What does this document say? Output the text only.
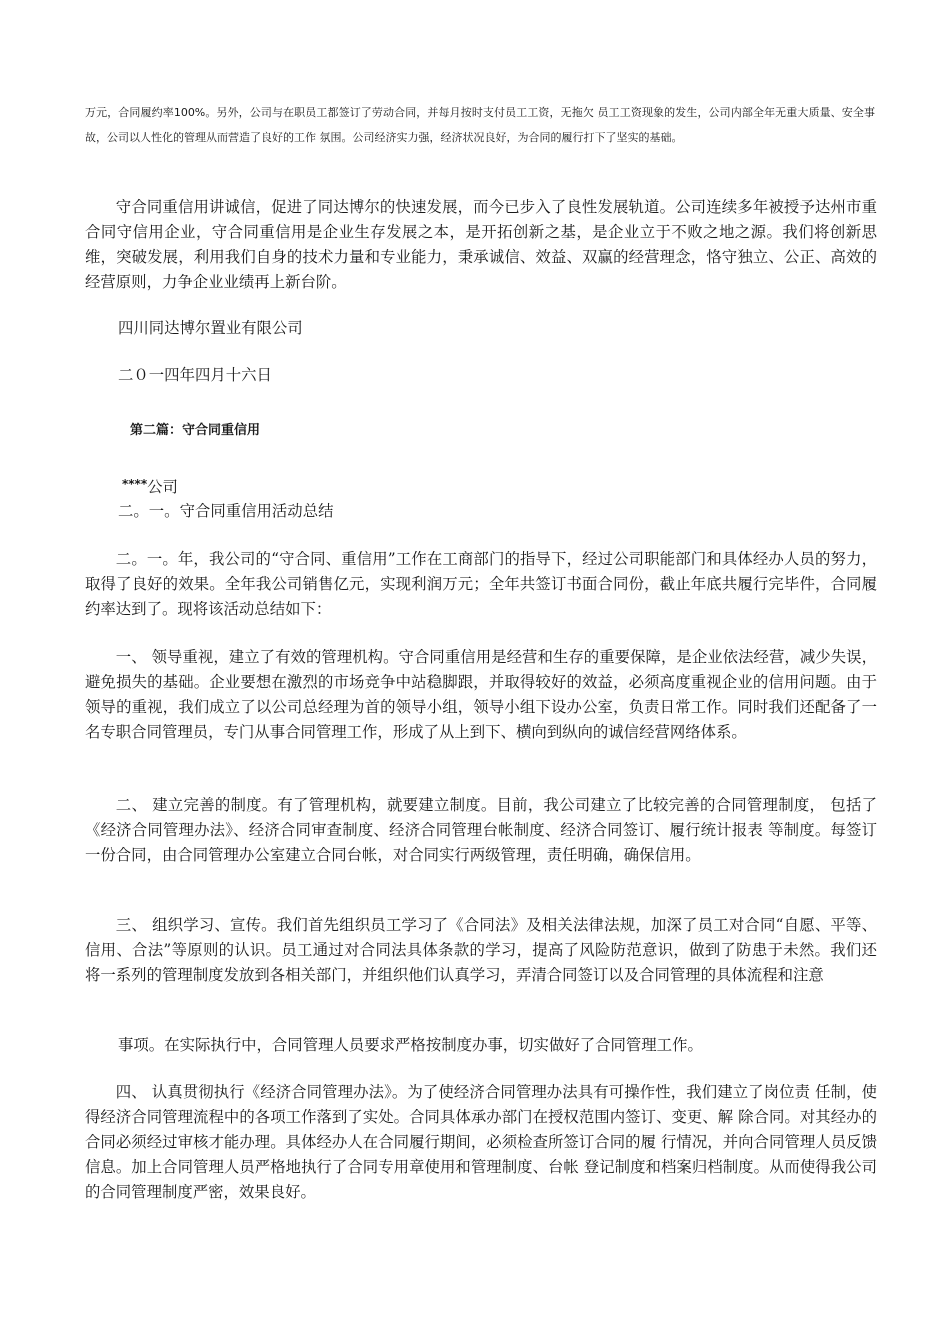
万元，合同履约率100%。另外，公司与在职员工都签订了劳动合同，并每月按时支付员工工资，无拖欠 员工工资现象的发生，公司内部全年无重大质量、安全事故，公司以人性化的管理从而营造了良好的工作 氛围。公司经济实力强，经济状况良好，为合同的履行打下了坚实的基础。
守合同重信用讲诚信，促进了同达博尔的快速发展，而今已步入了良性发展轨道。公司连续多年被授予达州市重合同守信用企业，守合同重信用是企业生存发展之本，是开拓创新之基，是企业立于不败之地之源。我们将创新思维，突破发展，利用我们自身的技术力量和专业能力，秉承诚信、效益、双赢的经营理念，恪守独立、公正、高效的经营原则，力争企业业绩再上新台阶。
四川同达博尔置业有限公司
二０一四年四月十六日
第二篇：守合同重信用
****公司
二。一。守合同重信用活动总结
二。一。年，我公司的“守合同、重信用”工作在工商部门的指导下，经过公司职能部门和具体经办人员的努力，取得了良好的效果。全年我公司销售亿元，实现利润万元；全年共签订书面合同份，截止年底共履行完毕件，合同履约率达到了。现将该活动总结如下：
一、 领导重视，建立了有效的管理机构。守合同重信用是经营和生存的重要保障，是企业依法经营，减少失误，避免损失的基础。企业要想在激烈的市场竞争中站稳脚跟，并取得较好的效益，必须高度重视企业的信用问题。由于领导的重视，我们成立了以公司总经理为首的领导小组，领导小组下设办公室，负责日常工作。同时我们还配备了一名专职合同管理员，专门从事合同管理工作，形成了从上到下、横向到纵向的诚信经营网络体系。
二、 建立完善的制度。有了管理机构，就要建立制度。目前，我公司建立了比较完善的合同管理制度， 包括了《经济合同管理办法》、经济合同审查制度、经济合同管理台帐制度、经济合同签订、履行统计报表 等制度。每签订一份合同，由合同管理办公室建立合同台帐，对合同实行两级管理，责任明确，确保信用。
三、 组织学习、宣传。我们首先组织员工学习了《合同法》及相关法律法规，加深了员工对合同“自愿、平等、信用、合法”等原则的认识。员工通过对合同法具体条款的学习，提高了风险防范意识，做到了防患于未然。我们还将一系列的管理制度发放到各相关部门，并组织他们认真学习，弄清合同签订以及合同管理的具体流程和注意
事项。在实际执行中，合同管理人员要求严格按制度办事，切实做好了合同管理工作。
四、 认真贯彻执行《经济合同管理办法》。为了使经济合同管理办法具有可操作性，我们建立了岗位责 任制，使得经济合同管理流程中的各项工作落到了实处。合同具体承办部门在授权范围内签订、变更、解 除合同。对其经办的合同必须经过审核才能办理。具体经办人在合同履行期间，必须检查所签订合同的履 行情况，并向合同管理人员反馈信息。加上合同管理人员严格地执行了合同专用章使用和管理制度、台帐 登记制度和档案归档制度。从而使得我公司的合同管理制度严密，效果良好。
